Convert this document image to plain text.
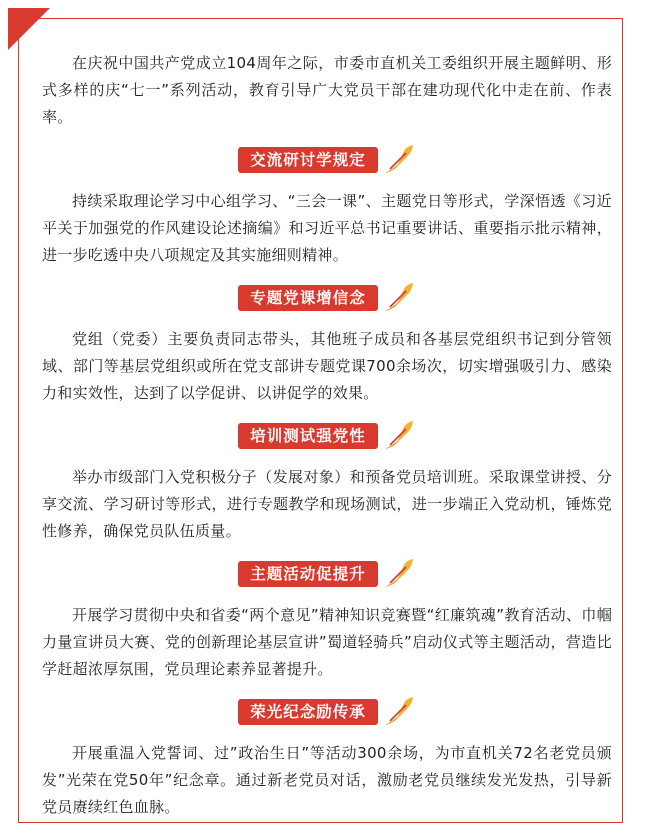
在庆祝中国共产党成立104周年之际，市委市直机关工委组织开展主题鲜明、形式多样的庆“七一”系列活动，教育引导广大党员干部在建功现代化中走在前、作表率。

交流研讨学规定

持续采取理论学习中心组学习、“三会一课”、主题党日等形式，学深悟透《习近平关于加强党的作风建设论述摘编》和习近平总书记重要讲话、重要指示批示精神，进一步吃透中央八项规定及其实施细则精神。

专题党课增信念

党组（党委）主要负责同志带头，其他班子成员和各基层党组织书记到分管领域、部门等基层党组织或所在党支部讲专题党课700余场次，切实增强吸引力、感染力和实效性，达到了以学促讲、以讲促学的效果。

培训测试强党性

举办市级部门入党积极分子（发展对象）和预备党员培训班。采取课堂讲授、分享交流、学习研讨等形式，进行专题教学和现场测试，进一步端正入党动机，锤炼党性修养，确保党员队伍质量。

主题活动促提升

开展学习贯彻中央和省委“两个意见”精神知识竞赛暨“红廉筑魂”教育活动、巾帼力量宣讲员大赛、党的创新理论基层宣讲”蜀道轻骑兵”启动仪式等主题活动，营造比学赶超浓厚氛围，党员理论素养显著提升。

荣光纪念励传承

开展重温入党誓词、过”政治生日”等活动300余场，为市直机关72名老党员颁发”光荣在党50年”纪念章。通过新老党员对话，激励老党员继续发光发热，引导新党员赓续红色血脉。
